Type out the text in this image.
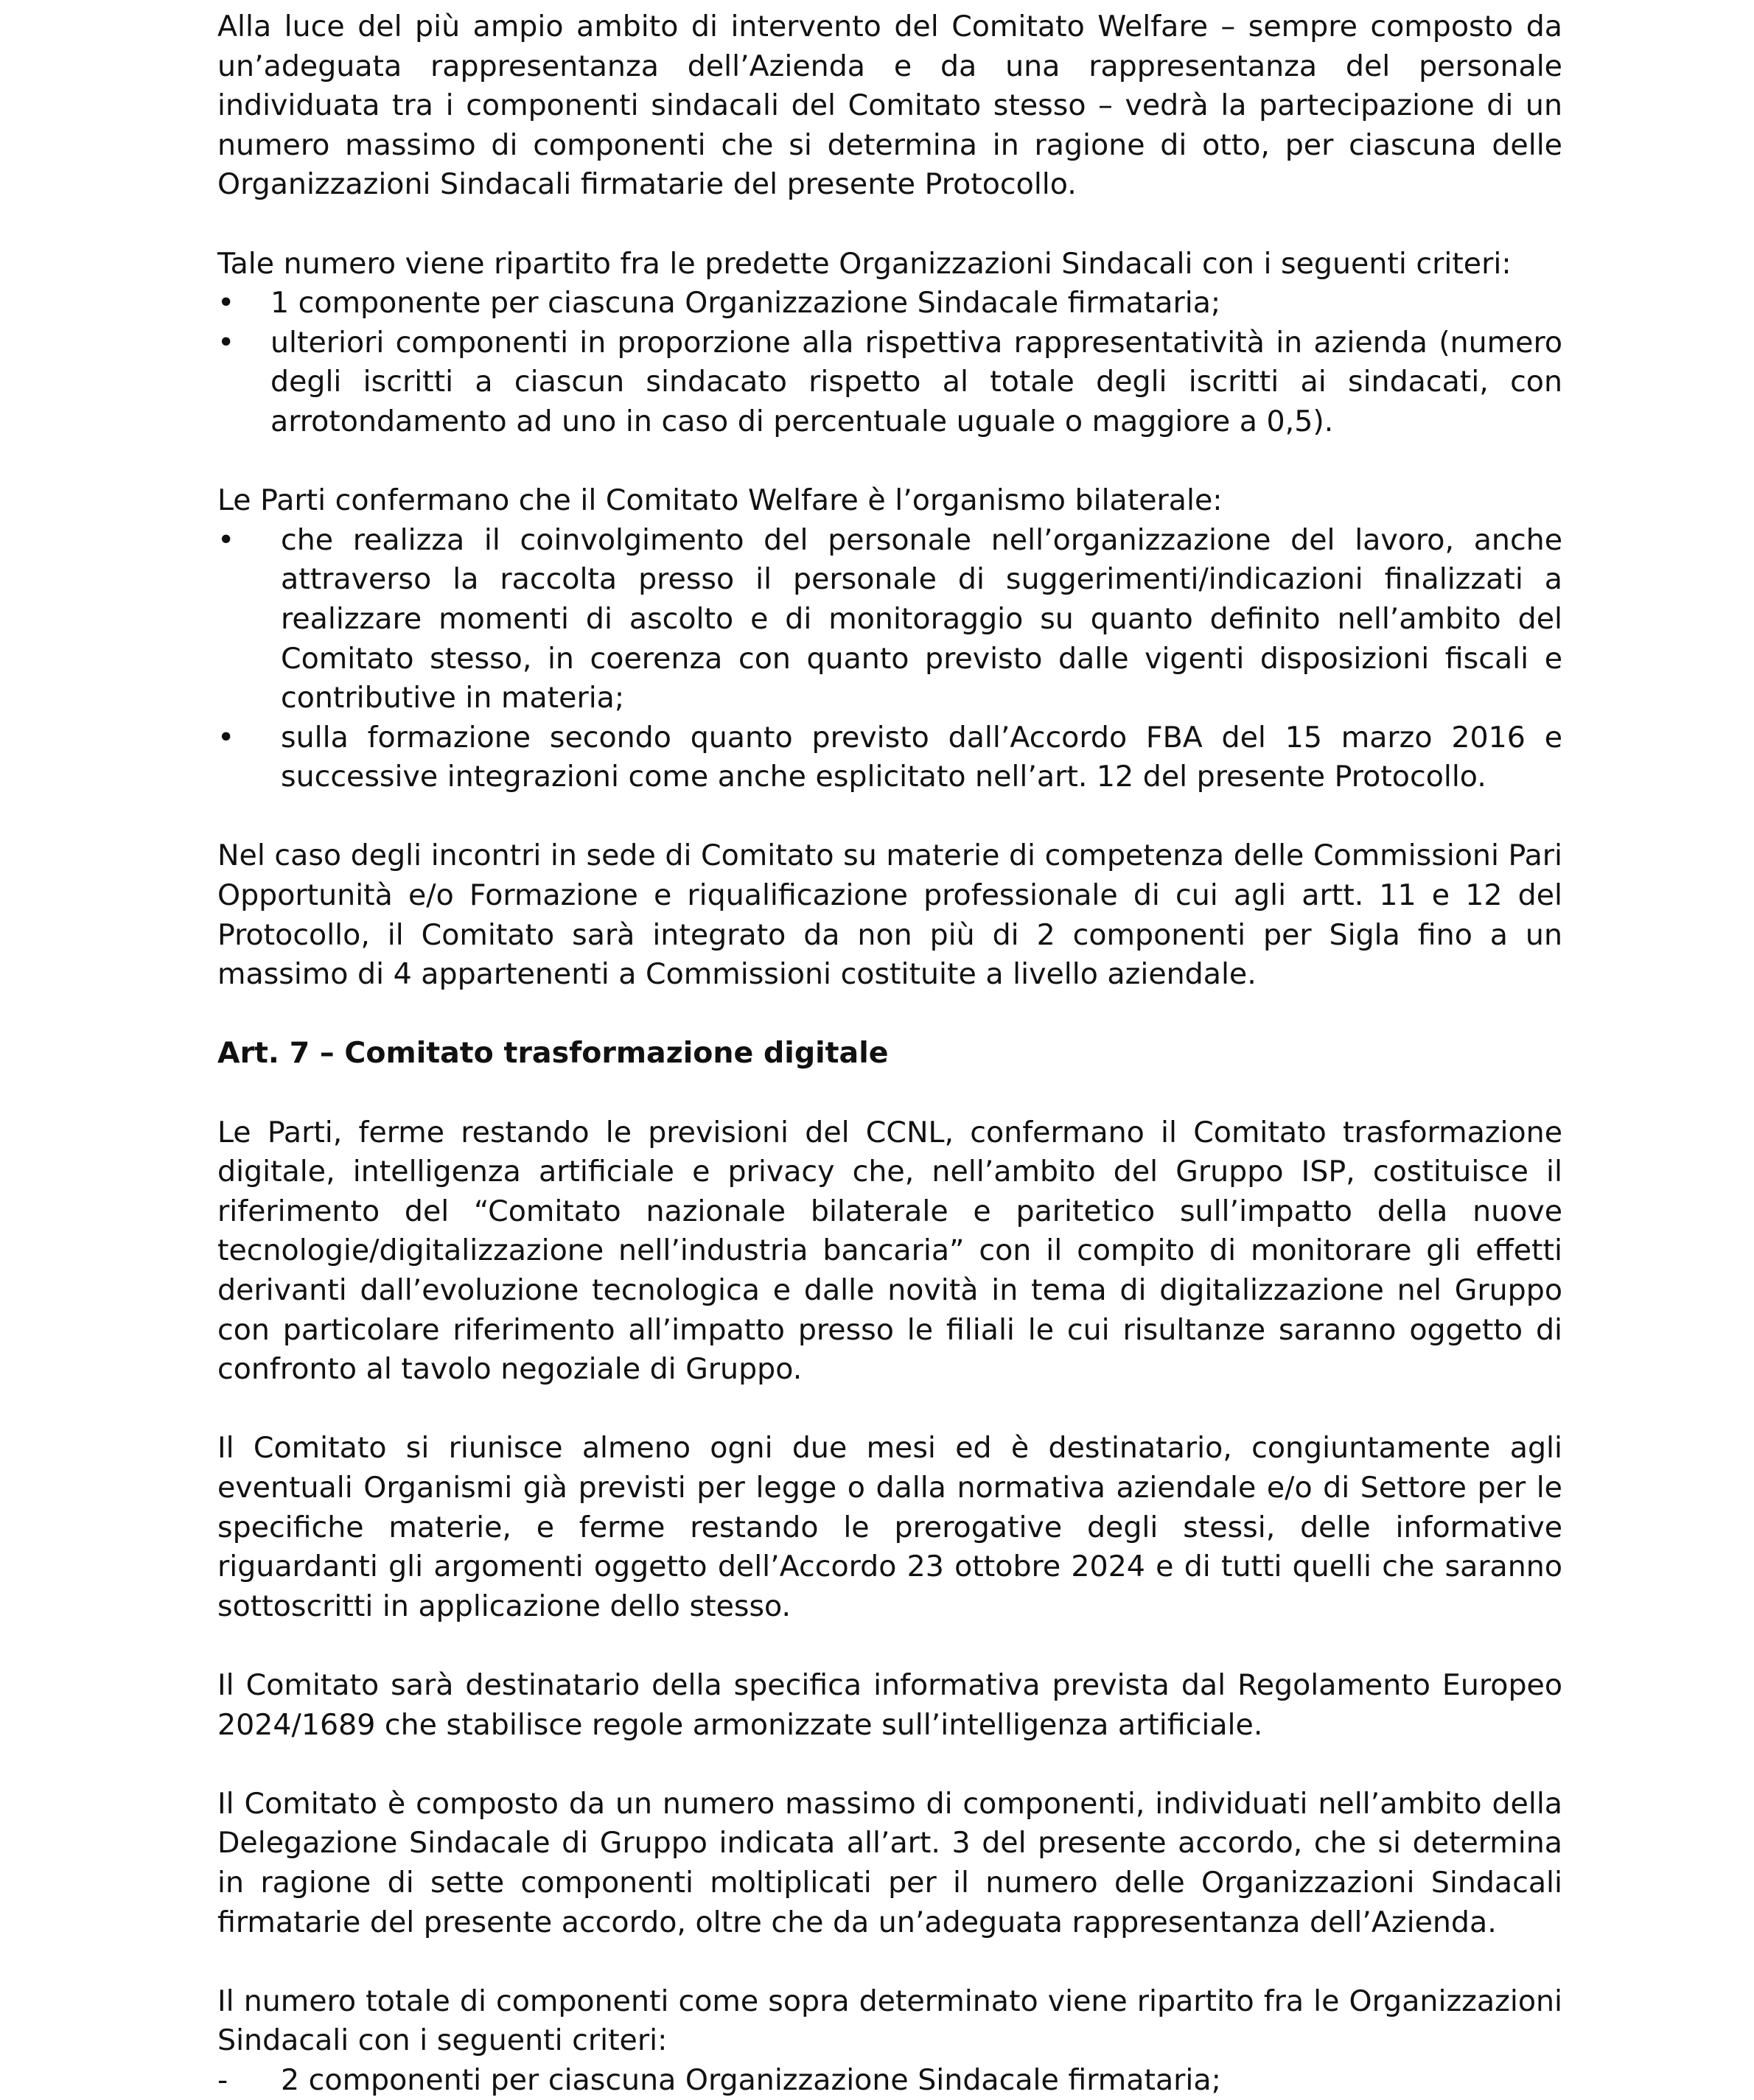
Alla luce del più ampio ambito di intervento del Comitato Welfare – sempre composto da un’adeguata rappresentanza dell’Azienda e da una rappresentanza del personale individuata tra i componenti sindacali del Comitato stesso – vedrà la partecipazione di un numero massimo di componenti che si determina in ragione di otto, per ciascuna delle Organizzazioni Sindacali firmatarie del presente Protocollo.

Tale numero viene ripartito fra le predette Organizzazioni Sindacali con i seguenti criteri:

• 1 componente per ciascuna Organizzazione Sindacale firmataria;
• ulteriori componenti in proporzione alla rispettiva rappresentatività in azienda (numero degli iscritti a ciascun sindacato rispetto al totale degli iscritti ai sindacati, con arrotondamento ad uno in caso di percentuale uguale o maggiore a 0,5).

Le Parti confermano che il Comitato Welfare è l’organismo bilaterale:

• che realizza il coinvolgimento del personale nell’organizzazione del lavoro, anche attraverso la raccolta presso il personale di suggerimenti/indicazioni finalizzati a realizzare momenti di ascolto e di monitoraggio su quanto definito nell’ambito del Comitato stesso, in coerenza con quanto previsto dalle vigenti disposizioni fiscali e contributive in materia;
• sulla formazione secondo quanto previsto dall’Accordo FBA del 15 marzo 2016 e successive integrazioni come anche esplicitato nell’art. 12 del presente Protocollo.

Nel caso degli incontri in sede di Comitato su materie di competenza delle Commissioni Pari Opportunità e/o Formazione e riqualificazione professionale di cui agli artt. 11 e 12 del Protocollo, il Comitato sarà integrato da non più di 2 componenti per Sigla fino a un massimo di 4 appartenenti a Commissioni costituite a livello aziendale.

Art. 7 – Comitato trasformazione digitale

Le Parti, ferme restando le previsioni del CCNL, confermano il Comitato trasformazione digitale, intelligenza artificiale e privacy che, nell’ambito del Gruppo ISP, costituisce il riferimento del “Comitato nazionale bilaterale e paritetico sull’impatto della nuove tecnologie/digitalizzazione nell’industria bancaria” con il compito di monitorare gli effetti derivanti dall’evoluzione tecnologica e dalle novità in tema di digitalizzazione nel Gruppo con particolare riferimento all’impatto presso le filiali le cui risultanze saranno oggetto di confronto al tavolo negoziale di Gruppo.

Il Comitato si riunisce almeno ogni due mesi ed è destinatario, congiuntamente agli eventuali Organismi già previsti per legge o dalla normativa aziendale e/o di Settore per le specifiche materie, e ferme restando le prerogative degli stessi, delle informative riguardanti gli argomenti oggetto dell’Accordo 23 ottobre 2024 e di tutti quelli che saranno sottoscritti in applicazione dello stesso.

Il Comitato sarà destinatario della specifica informativa prevista dal Regolamento Europeo 2024/1689 che stabilisce regole armonizzate sull’intelligenza artificiale.

Il Comitato è composto da un numero massimo di componenti, individuati nell’ambito della Delegazione Sindacale di Gruppo indicata all’art. 3 del presente accordo, che si determina in ragione di sette componenti moltiplicati per il numero delle Organizzazioni Sindacali firmatarie del presente accordo, oltre che da un’adeguata rappresentanza dell’Azienda.

Il numero totale di componenti come sopra determinato viene ripartito fra le Organizzazioni Sindacali con i seguenti criteri:

- 2 componenti per ciascuna Organizzazione Sindacale firmataria;
